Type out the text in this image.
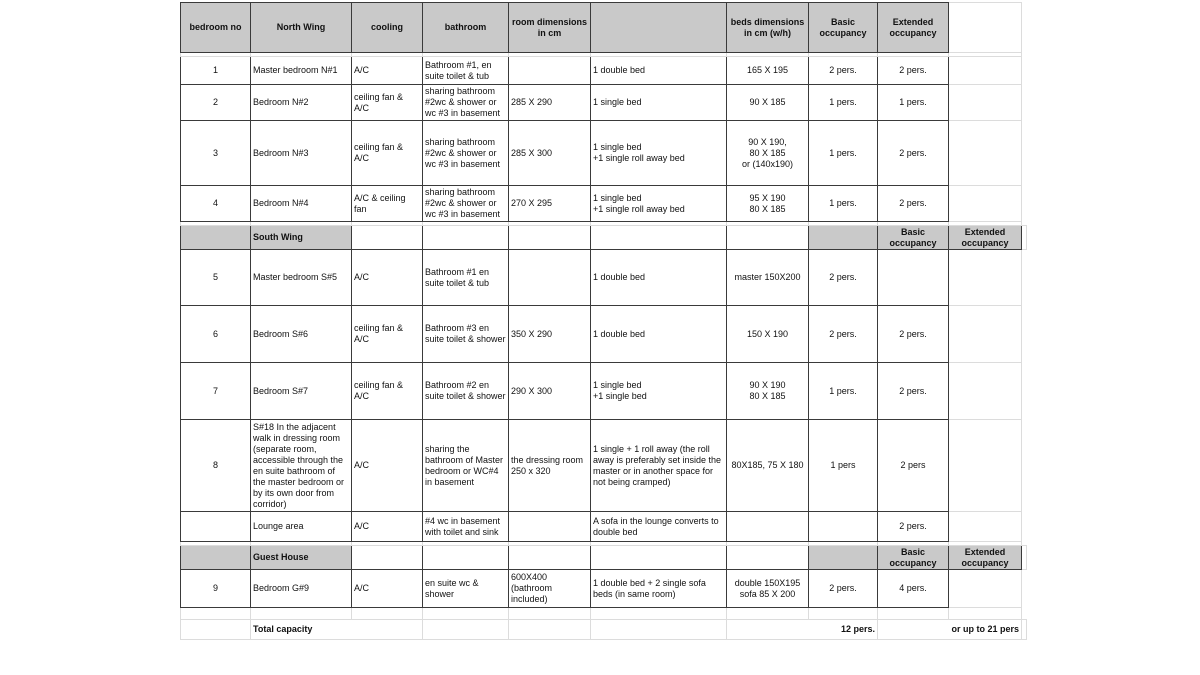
bedroom no	North Wing	cooling	bathroom	room dimensions in cm		beds dimensions in cm (w/h)	Basic occupancy	Extended occupancy		

1	Master bedroom N#1	A/C	Bathroom #1, en suite toilet & tub		1 double bed	165 X 195	2 pers.	2 pers.		
2	Bedroom N#2	ceiling fan & A/C	sharing bathroom #2wc & shower or wc #3 in basement	285 X 290	1 single bed	90 X 185	1 pers.	1 pers.		
3	Bedroom N#3	ceiling fan & A/C	sharing bathroom #2wc & shower or wc #3 in basement	285 X 300	1 single bed
+1 single roll away bed	90 X 190,
80 X 185
or (140x190)	1 pers.	2 pers.		
4	Bedroom N#4	A/C & ceiling fan	sharing bathroom #2wc & shower or wc #3 in basement	270 X 295	1 single bed
+1 single roll away bed	95 X 190
80 X 185	1 pers.	2 pers.		

	South Wing							Basic occupancy	Extended occupancy	
5	Master bedroom S#5	A/C	Bathroom #1 en suite toilet & tub		1 double bed	master 150X200	2 pers.			
6	Bedroom S#6	ceiling fan & A/C	Bathroom #3 en suite toilet & shower	350 X 290	1 double bed	150 X 190	2 pers.	2 pers.		
7	Bedroom S#7	ceiling fan & A/C	Bathroom #2 en suite toilet & shower	290 X 300	1 single bed
+1 single bed	90 X 190
80 X 185	1 pers.	2 pers.		
8	S#18 In the adjacent walk in dressing room (separate room, accessible through the en suite bathroom of the master bedroom or by its own door from corridor)	A/C	sharing the bathroom of Master bedroom or WC#4 in basement	the dressing room 250 x 320	1 single + 1 roll away (the roll away is preferably set inside the master or in another space for not being cramped)	80X185, 75 X 180	1 pers	2 pers		
	Lounge area	A/C	#4 wc in basement with toilet and sink		A sofa in the lounge converts to double bed			2 pers.		

	Guest House							Basic occupancy	Extended occupancy	
9	Bedroom G#9	A/C	en suite wc & shower	600X400 (bathroom included)	1 double bed + 2 single sofa beds (in same room)	double 150X195
sofa 85 X 200	2 pers.	4 pers.		

	Total capacity					12 pers.		or up to 21 pers		
